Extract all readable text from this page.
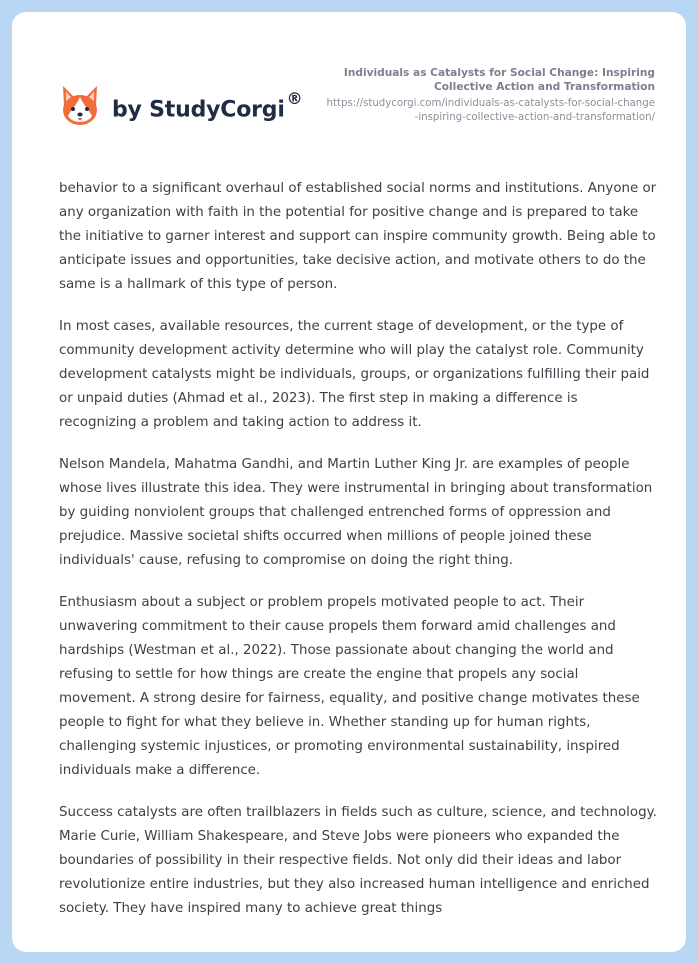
by StudyCorgi ®
Individuals as Catalysts for Social Change: Inspiring Collective Action and Transformation
https://studycorgi.com/individuals-as-catalysts-for-social-change-inspiring-collective-action-and-transformation/

behavior to a significant overhaul of established social norms and institutions. Anyone or any organization with faith in the potential for positive change and is prepared to take the initiative to garner interest and support can inspire community growth. Being able to anticipate issues and opportunities, take decisive action, and motivate others to do the same is a hallmark of this type of person.

In most cases, available resources, the current stage of development, or the type of community development activity determine who will play the catalyst role. Community development catalysts might be individuals, groups, or organizations fulfilling their paid or unpaid duties (Ahmad et al., 2023). The first step in making a difference is recognizing a problem and taking action to address it.

Nelson Mandela, Mahatma Gandhi, and Martin Luther King Jr. are examples of people whose lives illustrate this idea. They were instrumental in bringing about transformation by guiding nonviolent groups that challenged entrenched forms of oppression and prejudice. Massive societal shifts occurred when millions of people joined these individuals' cause, refusing to compromise on doing the right thing.

Enthusiasm about a subject or problem propels motivated people to act. Their unwavering commitment to their cause propels them forward amid challenges and hardships (Westman et al., 2022). Those passionate about changing the world and refusing to settle for how things are create the engine that propels any social movement. A strong desire for fairness, equality, and positive change motivates these people to fight for what they believe in. Whether standing up for human rights, challenging systemic injustices, or promoting environmental sustainability, inspired individuals make a difference.

Success catalysts are often trailblazers in fields such as culture, science, and technology. Marie Curie, William Shakespeare, and Steve Jobs were pioneers who expanded the boundaries of possibility in their respective fields. Not only did their ideas and labor revolutionize entire industries, but they also increased human intelligence and enriched society. They have inspired many to achieve great things
